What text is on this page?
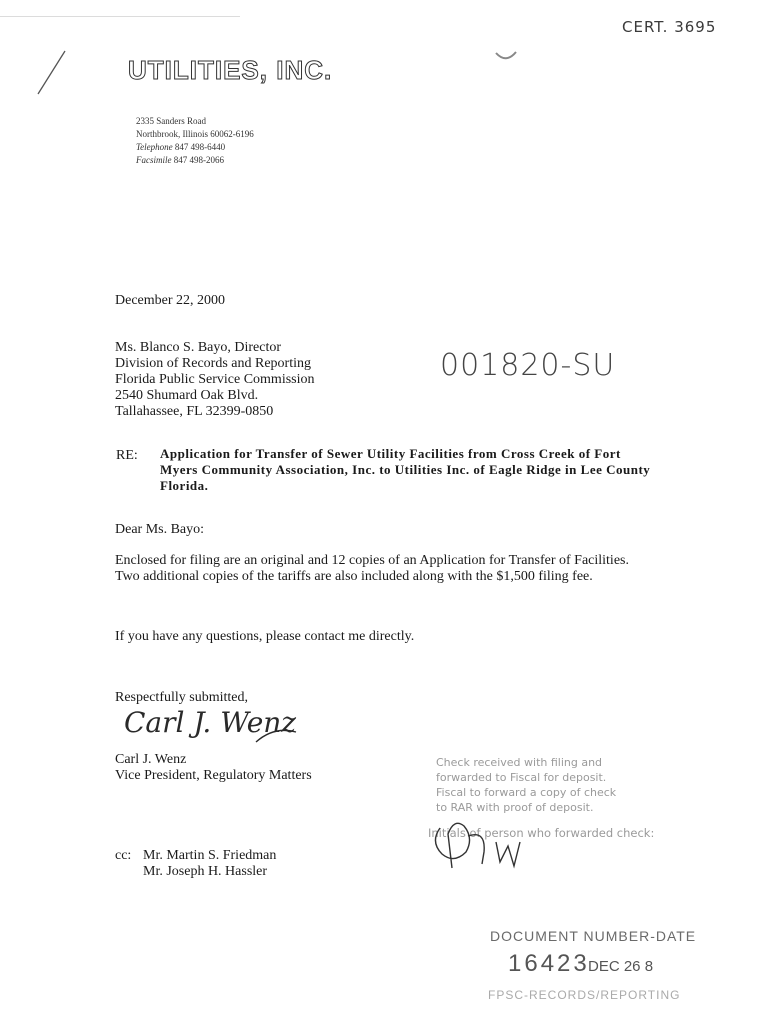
CERT. 3695
UTILITIES, INC.
2335 Sanders Road
Northbrook, Illinois 60062-6196
Telephone 847 498-6440
Facsimile 847 498-2066
December 22, 2000
Ms. Blanco S. Bayo, Director
Division of Records and Reporting
Florida Public Service Commission
2540 Shumard Oak Blvd.
Tallahassee, FL 32399-0850
001820-SU
RE: Application for Transfer of Sewer Utility Facilities from Cross Creek of Fort Myers Community Association, Inc. to Utilities Inc. of Eagle Ridge in Lee County Florida.
Dear Ms. Bayo:
Enclosed for filing are an original and 12 copies of an Application for Transfer of Facilities. Two additional copies of the tariffs are also included along with the $1,500 filing fee.
If you have any questions, please contact me directly.
Respectfully submitted,
Carl J. Wenz
Carl J. Wenz
Vice President, Regulatory Matters
cc: Mr. Martin S. Friedman
Mr. Joseph H. Hassler
Check received with filing and
forwarded to Fiscal for deposit.
Fiscal to forward a copy of check
to RAR with proof of deposit.
Initials of person who forwarded check:
DOCUMENT NUMBER-DATE
16423
DEC 26 8
FPSC-RECORDS/REPORTING
